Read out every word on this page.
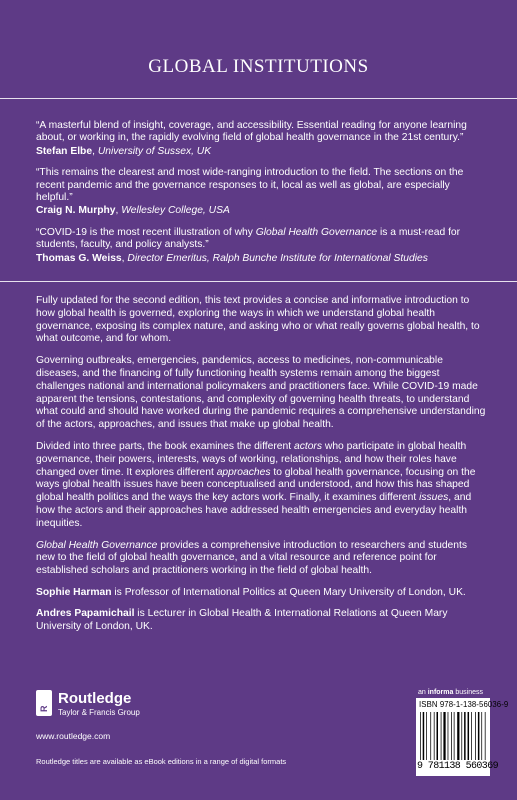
GLOBAL INSTITUTIONS
“A masterful blend of insight, coverage, and accessibility. Essential reading for anyone learning about, or working in, the rapidly evolving field of global health governance in the 21st century.”
Stefan Elbe, University of Sussex, UK
“This remains the clearest and most wide-ranging introduction to the field. The sections on the recent pandemic and the governance responses to it, local as well as global, are especially helpful.”
Craig N. Murphy, Wellesley College, USA
“COVID-19 is the most recent illustration of why Global Health Governance is a must-read for students, faculty, and policy analysts.”
Thomas G. Weiss, Director Emeritus, Ralph Bunche Institute for International Studies

Fully updated for the second edition, this text provides a concise and informative introduction to how global health is governed, exploring the ways in which we understand global health governance, exposing its complex nature, and asking who or what really governs global health, to what outcome, and for whom.

Governing outbreaks, emergencies, pandemics, access to medicines, non-communicable diseases, and the financing of fully functioning health systems remain among the biggest challenges national and international policymakers and practitioners face. While COVID-19 made apparent the tensions, contestations, and complexity of governing health threats, to understand what could and should have worked during the pandemic requires a comprehensive understanding of the actors, approaches, and issues that make up global health.

Divided into three parts, the book examines the different actors who participate in global health governance, their powers, interests, ways of working, relationships, and how their roles have changed over time. It explores different approaches to global health governance, focusing on the ways global health issues have been conceptualised and understood, and how this has shaped global health politics and the ways the key actors work. Finally, it examines different issues, and how the actors and their approaches have addressed health emergencies and everyday health inequities.

Global Health Governance provides a comprehensive introduction to researchers and students new to the field of global health governance, and a vital resource and reference point for established scholars and practitioners working in the field of global health.

Sophie Harman is Professor of International Politics at Queen Mary University of London, UK.

Andres Papamichail is Lecturer in Global Health & International Relations at Queen Mary University of London, UK.

R
Routledge
Taylor & Francis Group
www.routledge.com
an informa business
ISBN 978-1-138-56036-9
9 781138 560369
Routledge titles are available as eBook editions in a range of digital formats
